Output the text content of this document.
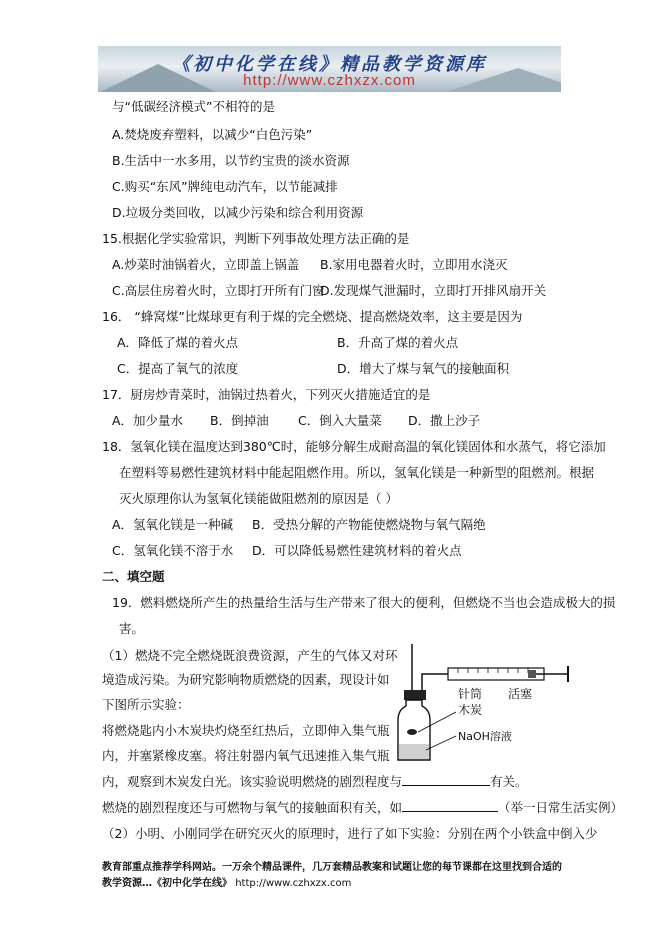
《初中化学在线》精品教学资源库
http://www.czhxzx.com
与“低碳经济模式”不相符的是
A.焚烧废弃塑料，以减少“白色污染”
B.生活中一水多用，以节约宝贵的淡水资源
C.购买“东风”牌纯电动汽车，以节能减排
D.垃圾分类回收，以减少污染和综合利用资源
15.根据化学实验常识，判断下列事故处理方法正确的是
A.炒菜时油锅着火，立即盖上锅盖 B.家用电器着火时，立即用水浇灭
C.高层住房着火时，立即打开所有门窗
D.发现煤气泄漏时，立即打开排风扇开关
16． “蜂窝煤”比煤球更有利于煤的完全燃烧、提高燃烧效率，这主要是因为
A．降低了煤的着火点	B．升高了煤的着火点
C．提高了氧气的浓度	D．增大了煤与氧气的接触面积
17．厨房炒青菜时，油锅过热着火，下列灭火措施适宜的是
A．加少量水 B．倒掉油 C．倒入大量菜 D．撒上沙子
18．氢氧化镁在温度达到380℃时，能够分解生成耐高温的氧化镁固体和水蒸气，将它添加
在塑料等易燃性建筑材料中能起阻燃作用。所以，氢氧化镁是一种新型的阻燃剂。根据
灭火原理你认为氢氧化镁能做阻燃剂的原因是（ ）
A．氢氧化镁是一种碱 B．受热分解的产物能使燃烧物与氧气隔绝
C．氢氧化镁不溶于水 D．可以降低易燃性建筑材料的着火点
二、填空题
19．燃料燃烧所产生的热量给生活与生产带来了很大的便利，但燃烧不当也会造成极大的损
害。
（1）燃烧不完全燃烧既浪费资源，产生的气体又对环
境造成污染。为研究影响物质燃烧的因素，现设计如
下图所示实验：
将燃烧匙内小木炭块灼烧至红热后，立即伸入集气瓶
内，并塞紧橡皮塞。将注射器内氧气迅速推入集气瓶
内，观察到木炭发白光。该实验说明燃烧的剧烈程度与	有关。
燃烧的剧烈程度还与可燃物与氧气的接触面积有关，如	（举一日常生活实例）
（2）小明、小刚同学在研究灭火的原理时，进行了如下实验：分别在两个小铁盒中倒入少
针筒 活塞
木炭
NaOH溶液
教育部重点推荐学科网站。一万余个精品课件，几万套精品教案和试题让您的每节课都在这里找到合适的
教学资源…《初中化学在线》 http://www.czhxzx.com
